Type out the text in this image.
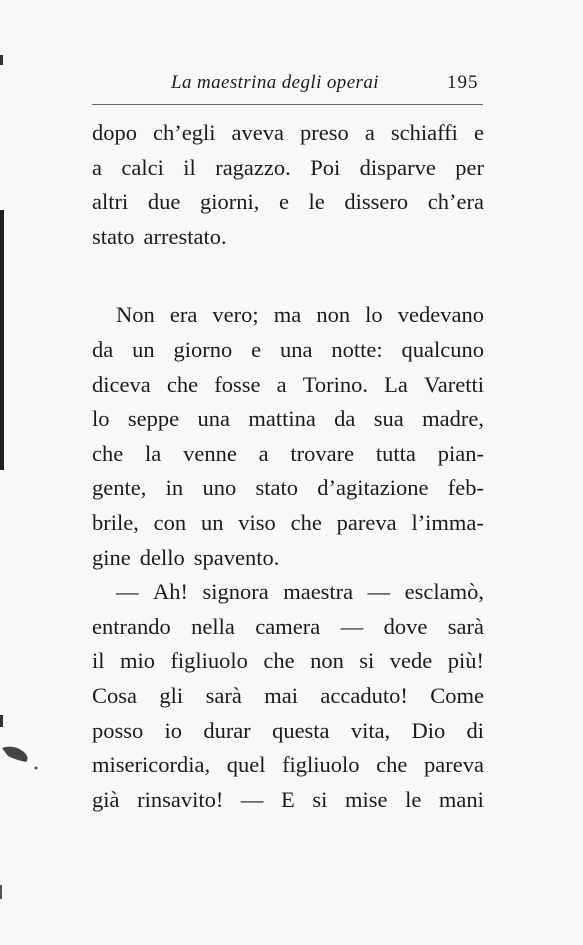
La maestrina degli operai	195
dopo ch’egli aveva preso a schiaffi e
a calci il ragazzo. Poi disparve per
altri due giorni, e le dissero ch’era
stato arrestato.
Non era vero; ma non lo vedevano
da un giorno e una notte: qualcuno
diceva che fosse a Torino. La Varetti
lo seppe una mattina da sua madre,
che la venne a trovare tutta pian-
gente, in uno stato d’agitazione feb-
brile, con un viso che pareva l’imma-
gine dello spavento.
— Ah! signora maestra — esclamò,
entrando nella camera — dove sarà
il mio figliuolo che non si vede più!
Cosa gli sarà mai accaduto! Come
posso io durar questa vita, Dio di
misericordia, quel figliuolo che pareva
già rinsavito! — E si mise le mani
